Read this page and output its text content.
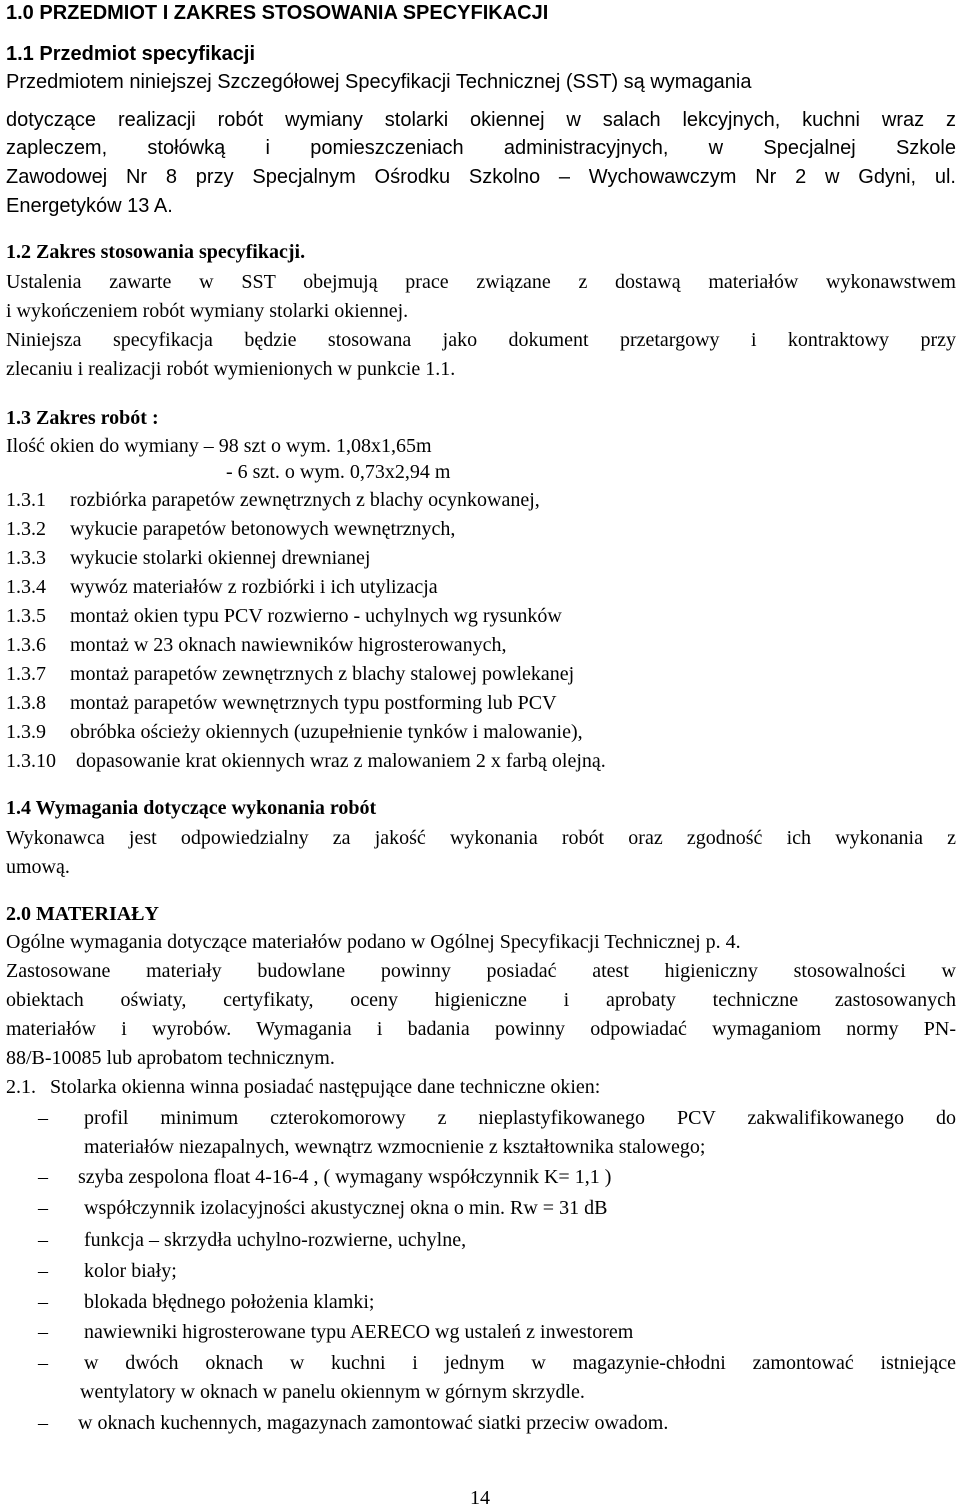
1.0 PRZEDMIOT I ZAKRES STOSOWANIA SPECYFIKACJI
1.1 Przedmiot specyfikacji
Przedmiotem niniejszej Szczegółowej Specyfikacji Technicznej (SST) są wymagania
dotyczące realizacji robót wymiany stolarki okiennej w salach lekcyjnych, kuchni wraz z
zapleczem, stołówką i pomieszczeniach administracyjnych, w Specjalnej Szkole
Zawodowej Nr 8 przy Specjalnym Ośrodku Szkolno – Wychowawczym Nr 2 w Gdyni, ul.
Energetyków 13 A.
1.2 Zakres stosowania specyfikacji.
Ustalenia zawarte w SST obejmują prace związane z dostawą materiałów wykonawstwem
i wykończeniem robót wymiany stolarki okiennej.
Niniejsza specyfikacja będzie stosowana jako dokument przetargowy i kontraktowy przy
zlecaniu i realizacji robót wymienionych w punkcie 1.1.
1.3 Zakres robót :
Ilość okien do wymiany – 98 szt o wym. 1,08x1,65m
- 6 szt. o wym. 0,73x2,94 m
1.3.1 rozbiórka parapetów zewnętrznych z blachy ocynkowanej,
1.3.2 wykucie parapetów betonowych wewnętrznych,
1.3.3 wykucie stolarki okiennej drewnianej
1.3.4 wywóz materiałów z rozbiórki i ich utylizacja
1.3.5 montaż okien typu PCV rozwierno - uchylnych wg rysunków
1.3.6 montaż w 23 oknach nawiewników higrosterowanych,
1.3.7 montaż parapetów zewnętrznych z blachy stalowej powlekanej
1.3.8 montaż parapetów wewnętrznych typu postforming lub PCV
1.3.9 obróbka ościeży okiennych (uzupełnienie tynków i malowanie),
1.3.10 dopasowanie krat okiennych wraz z malowaniem 2 x farbą olejną.
1.4 Wymagania dotyczące wykonania robót
Wykonawca jest odpowiedzialny za jakość wykonania robót oraz zgodność ich wykonania z
umową.
2.0 MATERIAŁY
Ogólne wymagania dotyczące materiałów podano w Ogólnej Specyfikacji Technicznej p. 4.
Zastosowane materiały budowlane powinny posiadać atest higieniczny stosowalności w
obiektach oświaty, certyfikaty, oceny higieniczne i aprobaty techniczne zastosowanych
materiałów i wyrobów. Wymagania i badania powinny odpowiadać wymaganiom normy PN-
88/B-10085 lub aprobatom technicznym.
2.1. Stolarka okienna winna posiadać następujące dane techniczne okien:
– profil minimum czterokomorowy z nieplastyfikowanego PCV zakwalifikowanego do
materiałów niezapalnych, wewnątrz wzmocnienie z kształtownika stalowego;
– szyba zespolona float 4-16-4 , ( wymagany współczynnik K= 1,1 )
– współczynnik izolacyjności akustycznej okna o min. Rw = 31 dB
– funkcja – skrzydła uchylno-rozwierne, uchylne,
– kolor biały;
– blokada błędnego położenia klamki;
– nawiewniki higrosterowane typu AERECO wg ustaleń z inwestorem
– w dwóch oknach w kuchni i jednym w magazynie-chłodni zamontować istniejące
wentylatory w oknach w panelu okiennym w górnym skrzydle.
– w oknach kuchennych, magazynach zamontować siatki przeciw owadom.
14
